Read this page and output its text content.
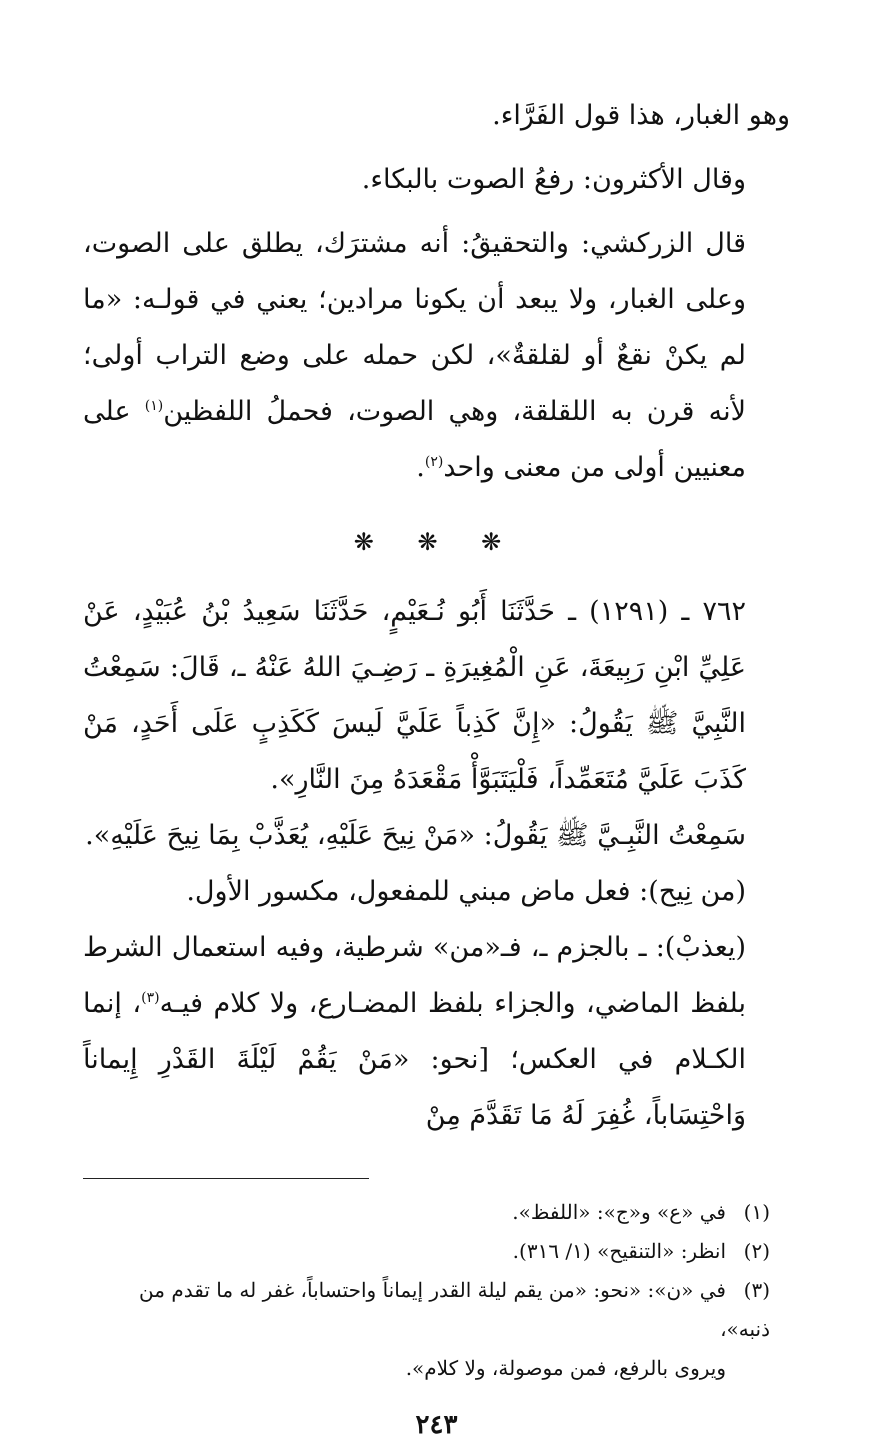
وهو الغبار، هذا قول الفَرَّاء.

وقال الأكثرون: رفعُ الصوت بالبكاء.

قال الزركشي: والتحقيقُ: أنه مشترَك، يطلق على الصوت، وعلى الغبار، ولا يبعد أن يكونا مرادين؛ يعني في قولـه: «ما لم يكنْ نقعٌ أو لقلقةٌ»، لكن حمله على وضع التراب أولى؛ لأنه قرن به اللقلقة، وهي الصوت، فحملُ اللفظين$^{(١)}$ على معنيين أولى من معنى واحد$^{(٢)}$.

❋ ❋ ❋

٧٦٢ ـ (١٢٩١) ـ حَدَّثَنَا أَبُو نُـعَيْمٍ، حَدَّثَنَا سَعِيدُ بْنُ عُبَيْدٍ، عَنْ عَلِيِّ ابْنِ رَبِيعَةَ، عَنِ الْمُغِيرَةِ ـ رَضِـيَ اللهُ عَنْهُ ـ، قَالَ: سَمِعْتُ النَّبِيَّ ﷺ يَقُولُ: «إِنَّ كَذِباً عَلَيَّ لَيسَ كَكَذِبٍ عَلَى أَحَدٍ، مَنْ كَذَبَ عَلَيَّ مُتَعَمِّداً، فَلْيَتَبَوَّأْ مَقْعَدَهُ مِنَ النَّارِ».

سَمِعْتُ النَّبِـيَّ ﷺ يَقُولُ: «مَنْ نِيحَ عَلَيْهِ، يُعَذَّبْ بِمَا نِيحَ عَلَيْهِ».

(من نِيح): فعل ماض مبني للمفعول، مكسور الأول.

(يعذبْ): ـ بالجزم ـ، فـ«من» شرطية، وفيه استعمال الشرط بلفظ الماضي، والجزاء بلفظ المضـارع، ولا كلام فيـه$^{(٣)}$، إنما الكـلام في العكس؛ [نحو: «مَنْ يَقُمْ لَيْلَةَ القَدْرِ إِيماناً وَاحْتِسَاباً، غُفِرَ لَهُ مَا تَقَدَّمَ مِنْ

(١)في «ع» و«ج»: «اللفظ».

(٢)انظر: «التنقيح» (١/ ٣١٦).

(٣)في «ن»: «نحو: «من يقم ليلة القدر إيماناً واحتساباً، غفر له ما تقدم من ذنبه»،

ويروى بالرفع، فمن موصولة، ولا كلام».

٢٤٣
